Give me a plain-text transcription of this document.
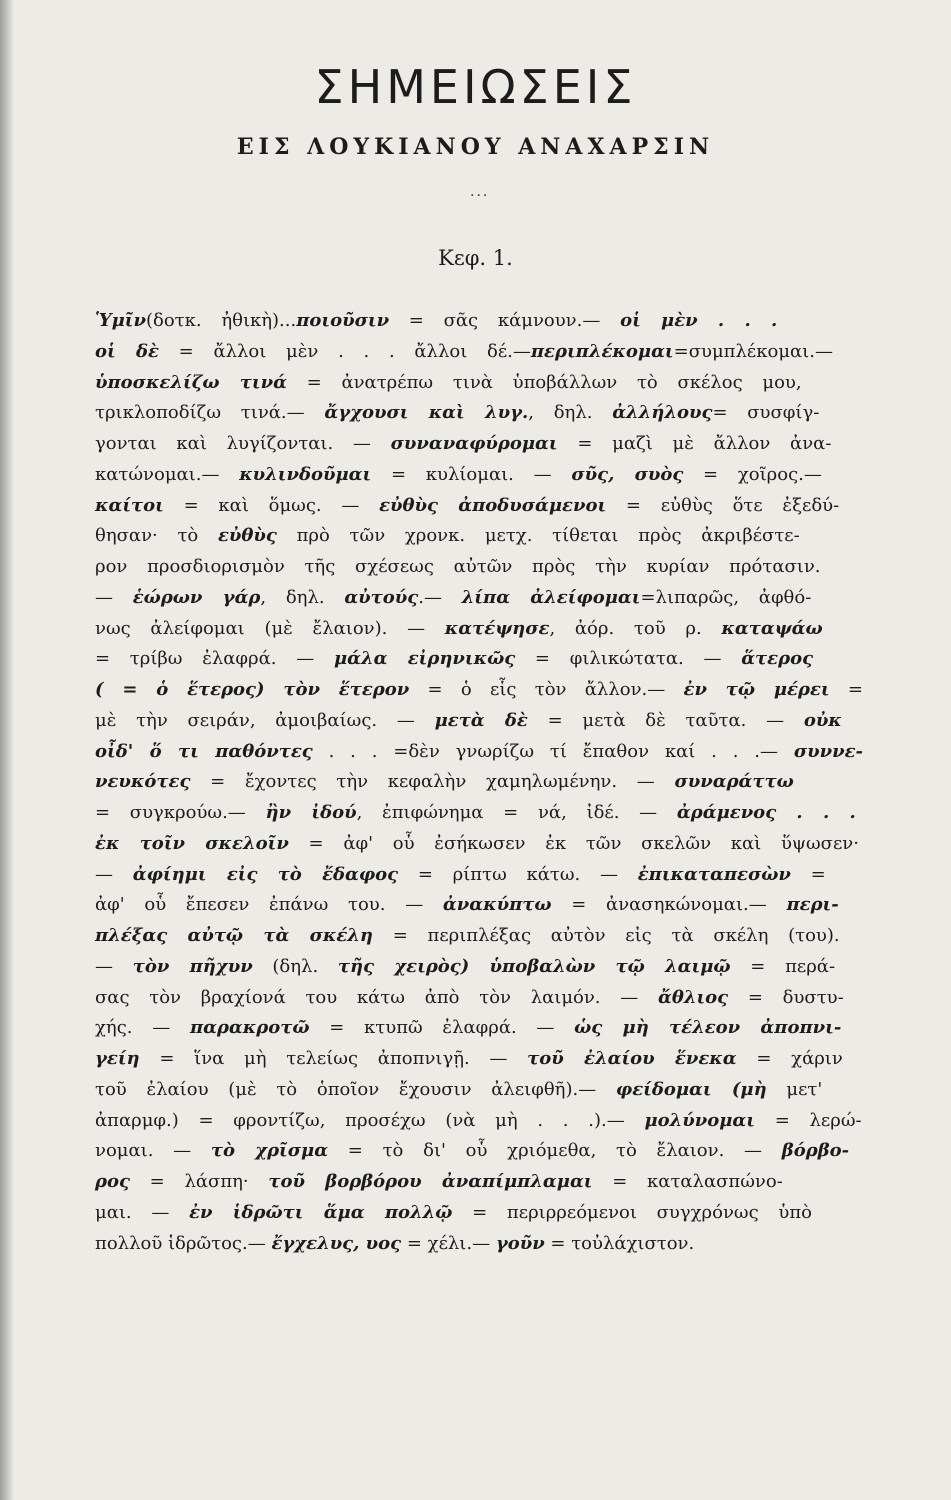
ΣΗΜΕΙΩΣΕΙΣ
ΕΙΣ ΛΟΥΚΙΑΝΟΥ ΑΝΑΧΑΡΣΙΝ
...
Κεφ. 1.
Ὑμῖν(δοτκ. ἠθικὴ)...ποιοῦσιν = σᾶς κάμνουν.— οἱ μὲν . . .
οἱ δὲ = ἄλλοι μὲν . . . ἄλλοι δέ.—περιπλέκομαι=συμπλέκομαι.—
ὑποσκελίζω τινά = ἀνατρέπω τινὰ ὑποβάλλων τὸ σκέλος μου,
τρικλοποδίζω τινά.— ἄγχουσι καὶ λυγ., δηλ. ἀλλήλους= συσφίγ-
γονται καὶ λυγίζονται. — συναναφύρομαι = μαζὶ μὲ ἄλλον ἀνα-
κατώνομαι.— κυλινδοῦμαι = κυλίομαι. — σῦς, συὸς = χοῖρος.—
καίτοι = καὶ ὅμως. — εὐθὺς ἀποδυσάμενοι = εὐθὺς ὅτε ἐξεδύ-
θησαν· τὸ εὐθὺς πρὸ τῶν χρονκ. μετχ. τίθεται πρὸς ἀκριβέστε-
ρον προσδιορισμὸν τῆς σχέσεως αὐτῶν πρὸς τὴν κυρίαν πρότασιν.
— ἑώρων γάρ, δηλ. αὐτούς.— λίπα ἀλείφομαι=λιπαρῶς, ἀφθό-
νως ἀλείφομαι (μὲ ἔλαιον). — κατέψησε, ἀόρ. τοῦ ρ. καταψάω
= τρίβω ἐλαφρά. — μάλα εἰρηνικῶς = φιλικώτατα. — ἅτερος
( = ὁ ἕτερος) τὸν ἕτερον = ὁ εἷς τὸν ἄλλον.— ἐν τῷ μέρει =
μὲ τὴν σειράν, ἀμοιβαίως. — μετὰ δὲ = μετὰ δὲ ταῦτα. — οὐκ
οἶδ' ὅ τι παθόντες . . . =δὲν γνωρίζω τί ἔπαθον καί . . .— συννε-
νευκότες = ἔχοντες τὴν κεφαλὴν χαμηλωμένην. — συναράττω
= συγκρούω.— ἢν ἰδού, ἐπιφώνημα = νά, ἰδέ. — ἀράμενος . . .
ἐκ τοῖν σκελοῖν = ἀφ' οὗ ἐσήκωσεν ἐκ τῶν σκελῶν καὶ ὕψωσεν·
— ἀφίημι εἰς τὸ ἔδαφος = ρίπτω κάτω. — ἐπικαταπεσὼν =
ἀφ' οὗ ἔπεσεν ἐπάνω του. — ἀνακύπτω = ἀνασηκώνομαι.— περι-
πλέξας αὐτῷ τὰ σκέλη = περιπλέξας αὐτὸν εἰς τὰ σκέλη (του).
— τὸν πῆχυν (δηλ. τῆς χειρὸς) ὑποβαλὼν τῷ λαιμῷ = περά-
σας τὸν βραχίονά του κάτω ἀπὸ τὸν λαιμόν. — ἄθλιος = δυστυ-
χής. — παρακροτῶ = κτυπῶ ἐλαφρά. — ὡς μὴ τέλεον ἀποπνι-
γείη = ἵνα μὴ τελείως ἀποπνιγῇ. — τοῦ ἐλαίου ἕνεκα = χάριν
τοῦ ἐλαίου (μὲ τὸ ὁποῖον ἔχουσιν ἀλειφθῆ).— φείδομαι (μὴ μετ'
ἀπαρμφ.) = φροντίζω, προσέχω (νὰ μὴ . . .).— μολύνομαι = λερώ-
νομαι. — τὸ χρῖσμα = τὸ δι' οὗ χριόμεθα, τὸ ἔλαιον. — βόρβο-
ρος = λάσπη· τοῦ βορβόρου ἀναπίμπλαμαι = καταλασπώνο-
μαι. — ἐν ἱδρῶτι ἅμα πολλῷ = περιρρεόμενοι συγχρόνως ὑπὸ
πολλοῦ ἱδρῶτος.— ἔγχελυς, υος = χέλι.— γοῦν = τοὐλάχιστον.
